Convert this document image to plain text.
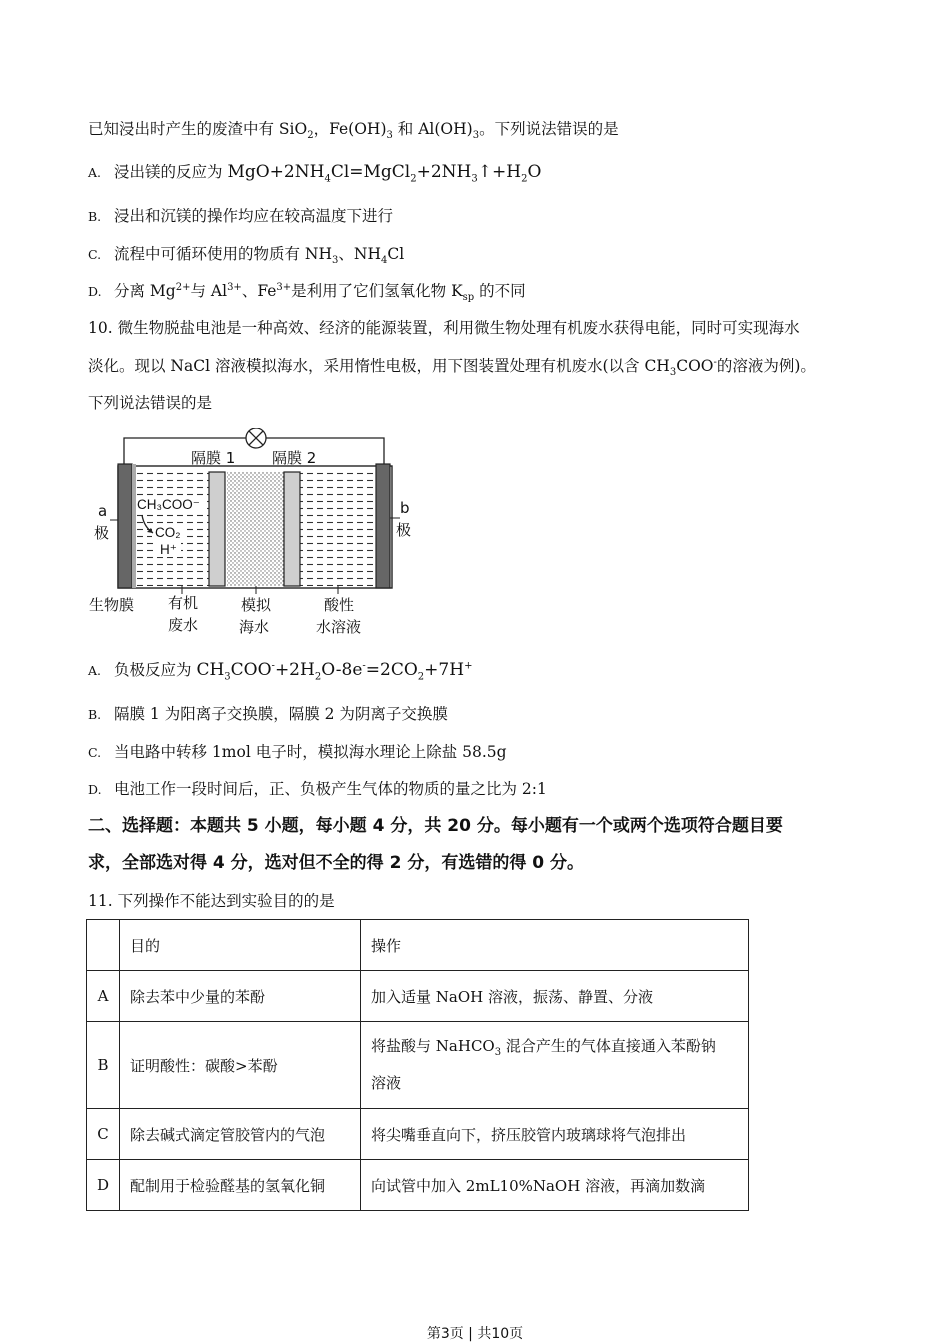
已知浸出时产生的废渣中有 SiO$_2$，$Fe(OH)_3$ 和 $Al(OH)_3$。下列说法错误的是
A. 浸出镁的反应为 $MgO+2NH_4Cl=MgCl_2+2NH_3↑+H_2O$
B. 浸出和沉镁的操作均应在较高温度下进行
C. 流程中可循环使用的物质有 $NH_3$、$NH_4Cl$
D. 分离 $Mg^{2+}$与 $Al^{3+}$、$Fe^{3+}$是利用了它们氢氧化物 $K_{sp}$ 的不同
10. 微生物脱盐电池是一种高效、经济的能源装置，利用微生物处理有机废水获得电能，同时可实现海水
淡化。现以 NaCl 溶液模拟海水，采用惰性电极，用下图装置处理有机废水(以含 $CH_3COO^-$的溶液为例)。
下列说法错误的是
隔膜 1 隔膜 2
a
极
b
极
CH₃COO⁻
CO₂
H⁺
生物膜 有机
废水
模拟
海水
酸性
水溶液
A. 负极反应为 $CH_3COO^-+2H_2O-8e^-=2CO_2+7H^+$
B. 隔膜 1 为阳离子交换膜，隔膜 2 为阴离子交换膜
C. 当电路中转移 1mol 电子时，模拟海水理论上除盐 58.5g
D. 电池工作一段时间后，正、负极产生气体的物质的量之比为 2:1
二、选择题：本题共 5 小题，每小题 4 分，共 20 分。每小题有一个或两个选项符合题目要
求，全部选对得 4 分，选对但不全的得 2 分，有选错的得 0 分。
11. 下列操作不能达到实验目的的是
	目的	操作
A	除去苯中少量的苯酚	加入适量 NaOH 溶液，振荡、静置、分液
B	证明酸性：碳酸>苯酚	将盐酸与 NaHCO$_3$ 混合产生的气体直接通入苯酚钠
溶液
C	除去碱式滴定管胶管内的气泡	将尖嘴垂直向下，挤压胶管内玻璃球将气泡排出
D	配制用于检验醛基的氢氧化铜	向试管中加入 2mL10%NaOH 溶液，再滴加数滴
第3页 | 共10页
